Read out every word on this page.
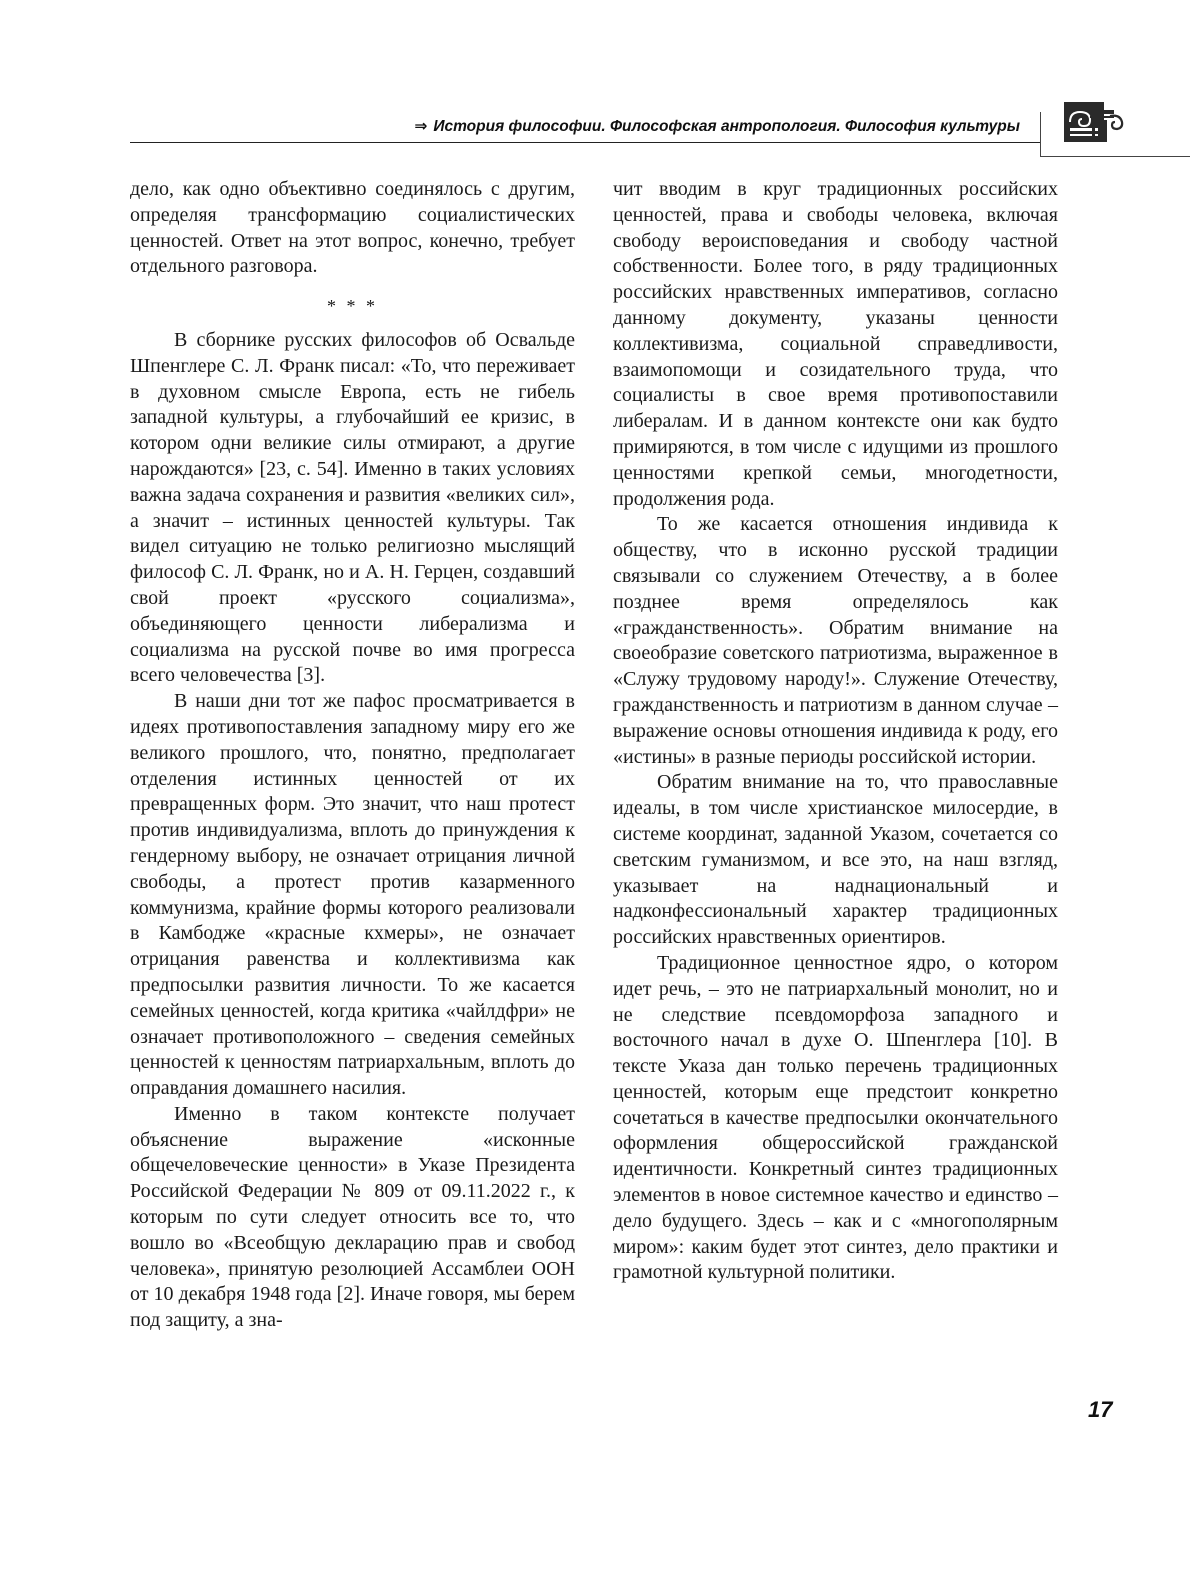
⇒ История философии. Философская антропология. Философия культуры

дело, как одно объективно соединялось с другим, определяя трансформацию социалистических ценностей. Ответ на этот вопрос, конечно, требует отдельного разговора.

* * *

В сборнике русских философов об Освальде Шпенглере С. Л. Франк писал: «То, что переживает в духовном смысле Европа, есть не гибель западной культуры, а глубочайший ее кризис, в котором одни великие силы отмирают, а другие нарождаются» [23, с. 54]. Именно в таких условиях важна задача сохранения и развития «великих сил», а значит – истинных ценностей культуры. Так видел ситуацию не только религиозно мыслящий философ С. Л. Франк, но и А. Н. Герцен, создавший свой проект «русского социализма», объединяющего ценности либерализма и социализма на русской почве во имя прогресса всего человечества [3].

В наши дни тот же пафос просматривается в идеях противопоставления западному миру его же великого прошлого, что, понятно, предполагает отделения истинных ценностей от их превращенных форм. Это значит, что наш протест против индивидуализма, вплоть до принуждения к гендерному выбору, не означает отрицания личной свободы, а протест против казарменного коммунизма, крайние формы которого реализовали в Камбодже «красные кхмеры», не означает отрицания равенства и коллективизма как предпосылки развития личности. То же касается семейных ценностей, когда критика «чайлдфри» не означает противоположного – сведения семейных ценностей к ценностям патриархальным, вплоть до оправдания домашнего насилия.

Именно в таком контексте получает объяснение выражение «исконные общечеловеческие ценности» в Указе Президента Российской Федерации № 809 от 09.11.2022 г., к которым по сути следует относить все то, что вошло во «Всеобщую декларацию прав и свобод человека», принятую резолюцией Ассамблеи ООН от 10 декабря 1948 года [2]. Иначе говоря, мы берем под защиту, а зна-

чит вводим в круг традиционных российских ценностей, права и свободы человека, включая свободу вероисповедания и свободу частной собственности. Более того, в ряду традиционных российских нравственных императивов, согласно данному документу, указаны ценности коллективизма, социальной справедливости, взаимопомощи и созидательного труда, что социалисты в свое время противопоставили либералам. И в данном контексте они как будто примиряются, в том числе с идущими из прошлого ценностями крепкой семьи, многодетности, продолжения рода.

То же касается отношения индивида к обществу, что в исконно русской традиции связывали со служением Отечеству, а в более позднее время определялось как «гражданственность». Обратим внимание на своеобразие советского патриотизма, выраженное в «Служу трудовому народу!». Служение Отечеству, гражданственность и патриотизм в данном случае – выражение основы отношения индивида к роду, его «истины» в разные периоды российской истории.

Обратим внимание на то, что православные идеалы, в том числе христианское милосердие, в системе координат, заданной Указом, сочетается со светским гуманизмом, и все это, на наш взгляд, указывает на наднациональный и надконфессиональный характер традиционных российских нравственных ориентиров.

Традиционное ценностное ядро, о котором идет речь, – это не патриархальный монолит, но и не следствие псевдоморфоза западного и восточного начал в духе О. Шпенглера [10]. В тексте Указа дан только перечень традиционных ценностей, которым еще предстоит конкретно сочетаться в качестве предпосылки окончательного оформления общероссийской гражданской идентичности. Конкретный синтез традиционных элементов в новое системное качество и единство – дело будущего. Здесь – как и с «многополярным миром»: каким будет этот синтез, дело практики и грамотной культурной политики.

17
